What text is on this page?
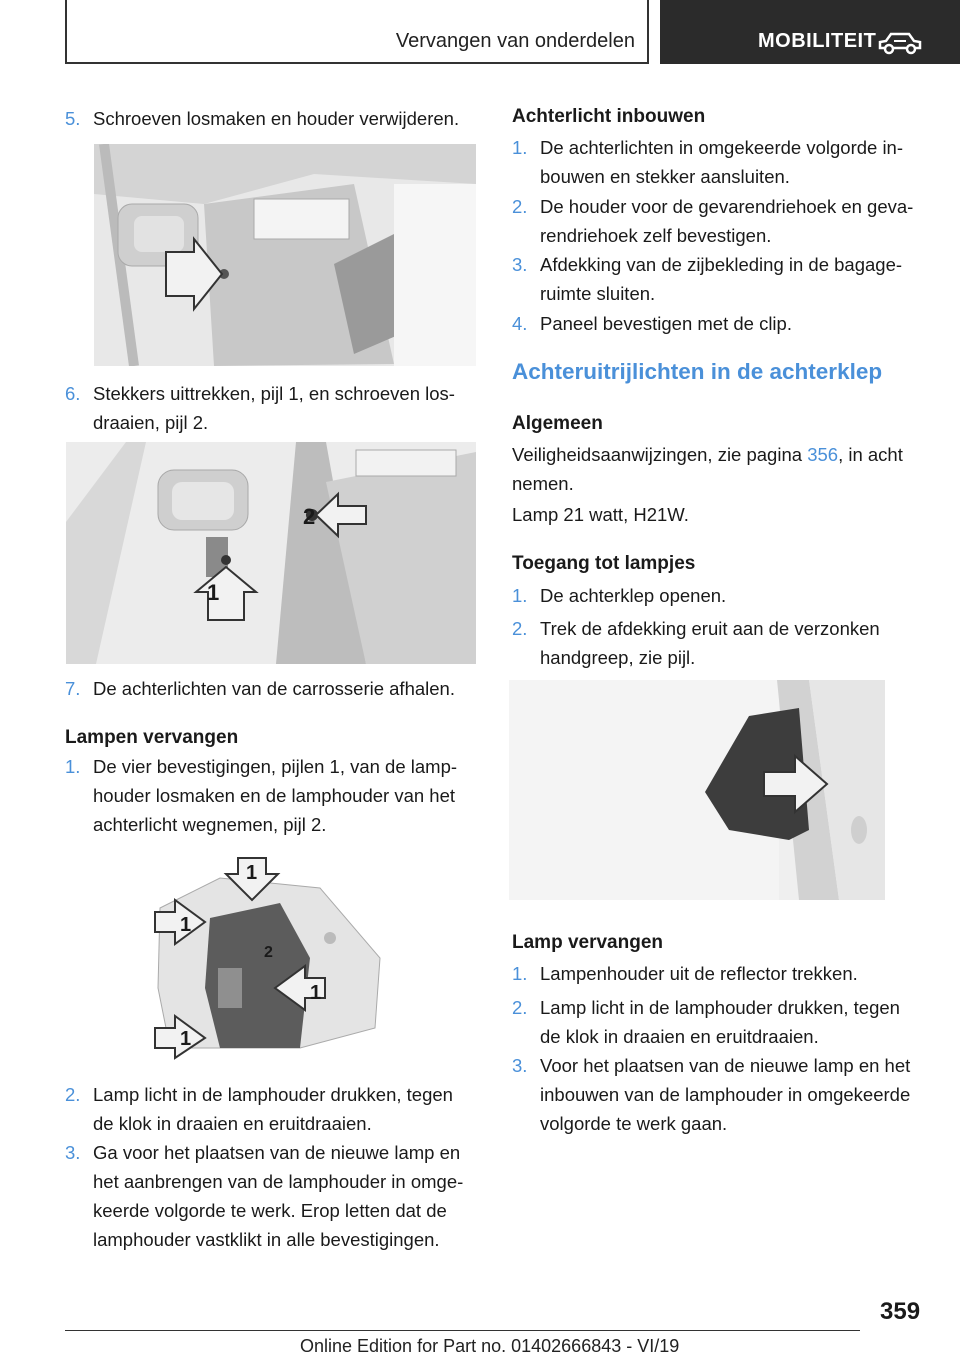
Vervangen van onderdelen	MOBILITEIT
5. Schroeven losmaken en houder verwijderen.
6. Stekkers uittrekken, pijl 1, en schroeven los-
draaien, pijl 2.
2
1
7. De achterlichten van de carrosserie afhalen.
Lampen vervangen
1. De vier bevestigingen, pijlen 1, van de lamp-
houder losmaken en de lamphouder van het
achterlicht wegnemen, pijl 2.
1
1
2
1
1
2. Lamp licht in de lamphouder drukken, tegen
de klok in draaien en eruitdraaien.
3. Ga voor het plaatsen van de nieuwe lamp en
het aanbrengen van de lamphouder in omge-
keerde volgorde te werk. Erop letten dat de
lamphouder vastklikt in alle bevestigingen.
Achterlicht inbouwen
1. De achterlichten in omgekeerde volgorde in-
bouwen en stekker aansluiten.
2. De houder voor de gevarendriehoek en geva-
rendriehoek zelf bevestigen.
3. Afdekking van de zijbekleding in de bagage-
ruimte sluiten.
4. Paneel bevestigen met de clip.
Achteruitrijlichten in de achterklep
Algemeen
Veiligheidsaanwijzingen, zie pagina 356, in acht
nemen.
Lamp 21 watt, H21W.
Toegang tot lampjes
1. De achterklep openen.
2. Trek de afdekking eruit aan de verzonken
handgreep, zie pijl.
Lamp vervangen
1. Lampenhouder uit de reflector trekken.
2. Lamp licht in de lamphouder drukken, tegen
de klok in draaien en eruitdraaien.
3. Voor het plaatsen van de nieuwe lamp en het
inbouwen van de lamphouder in omgekeerde
volgorde te werk gaan.
359
Online Edition for Part no. 01402666843 - VI/19
